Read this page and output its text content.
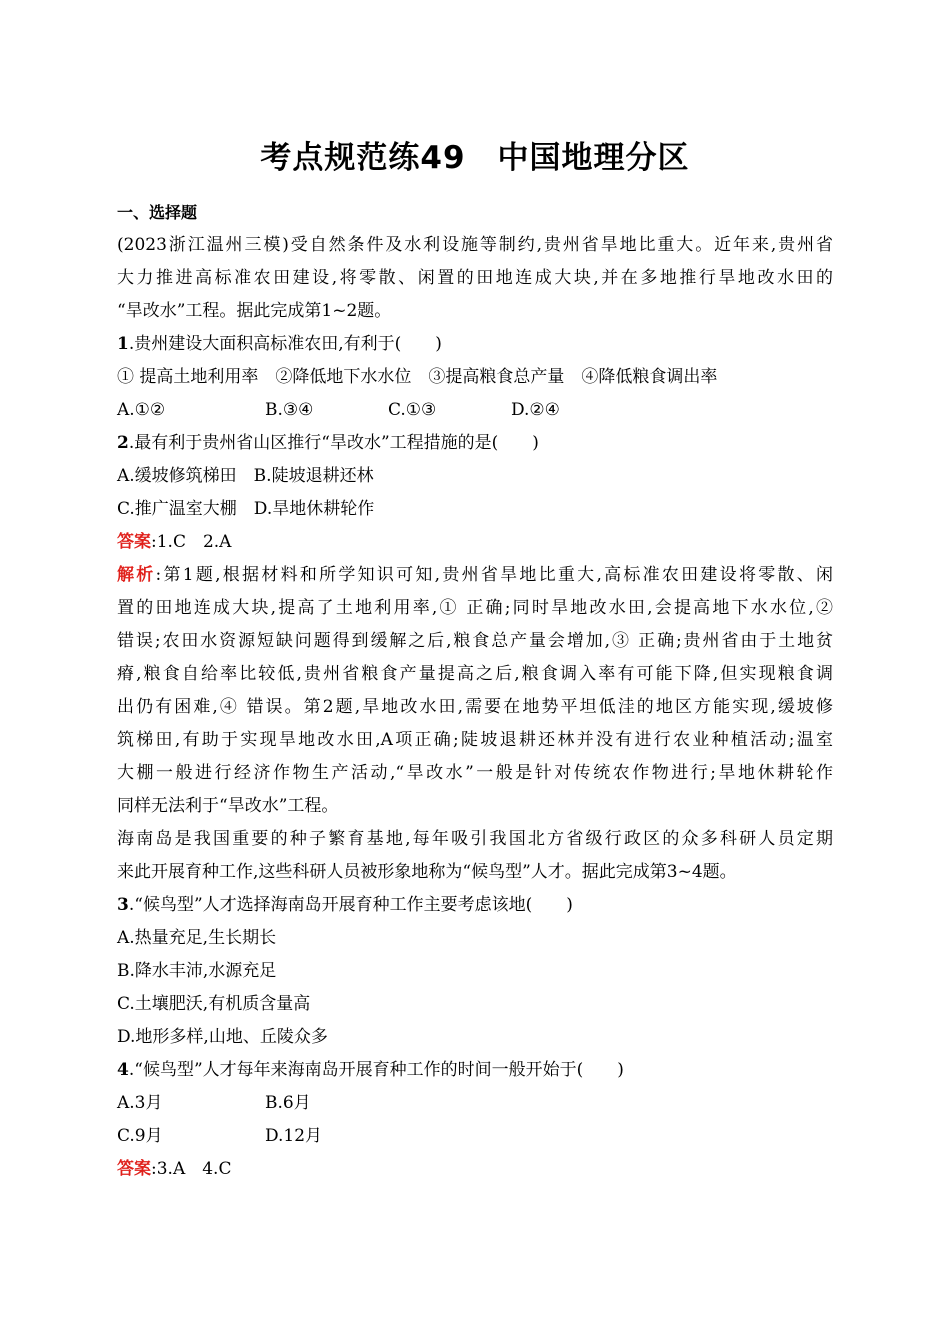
考点规范练49　中国地理分区
一、选择题
(2023浙江温州三模)受自然条件及水利设施等制约,贵州省旱地比重大。近年来,贵州省
大力推进高标准农田建设,将零散、闲置的田地连成大块,并在多地推行旱地改水田的
“旱改水”工程。据此完成第1~2题。
1.贵州建设大面积高标准农田,有利于(　　)
① 提高土地利用率　②降低地下水水位　③提高粮食总产量　④降低粮食调出率
A.①②	B.③④	C.①③	D.②④
2.最有利于贵州省山区推行“旱改水”工程措施的是(　　)
A.缓坡修筑梯田　B.陡坡退耕还林
C.推广温室大棚　D.旱地休耕轮作
答案:1.C　2.A
解析:第1题,根据材料和所学知识可知,贵州省旱地比重大,高标准农田建设将零散、闲
置的田地连成大块,提高了土地利用率,① 正确;同时旱地改水田,会提高地下水水位,②
错误;农田水资源短缺问题得到缓解之后,粮食总产量会增加,③ 正确;贵州省由于土地贫
瘠,粮食自给率比较低,贵州省粮食产量提高之后,粮食调入率有可能下降,但实现粮食调
出仍有困难,④ 错误。第2题,旱地改水田,需要在地势平坦低洼的地区方能实现,缓坡修
筑梯田,有助于实现旱地改水田,A项正确;陡坡退耕还林并没有进行农业种植活动;温室
大棚一般进行经济作物生产活动,“旱改水”一般是针对传统农作物进行;旱地休耕轮作
同样无法利于“旱改水”工程。
海南岛是我国重要的种子繁育基地,每年吸引我国北方省级行政区的众多科研人员定期
来此开展育种工作,这些科研人员被形象地称为“候鸟型”人才。据此完成第3~4题。
3.“候鸟型”人才选择海南岛开展育种工作主要考虑该地(　　)
A.热量充足,生长期长
B.降水丰沛,水源充足
C.土壤肥沃,有机质含量高
D.地形多样,山地、丘陵众多
4.“候鸟型”人才每年来海南岛开展育种工作的时间一般开始于(　　)
A.3月	B.6月
C.9月	D.12月
答案:3.A　4.C
